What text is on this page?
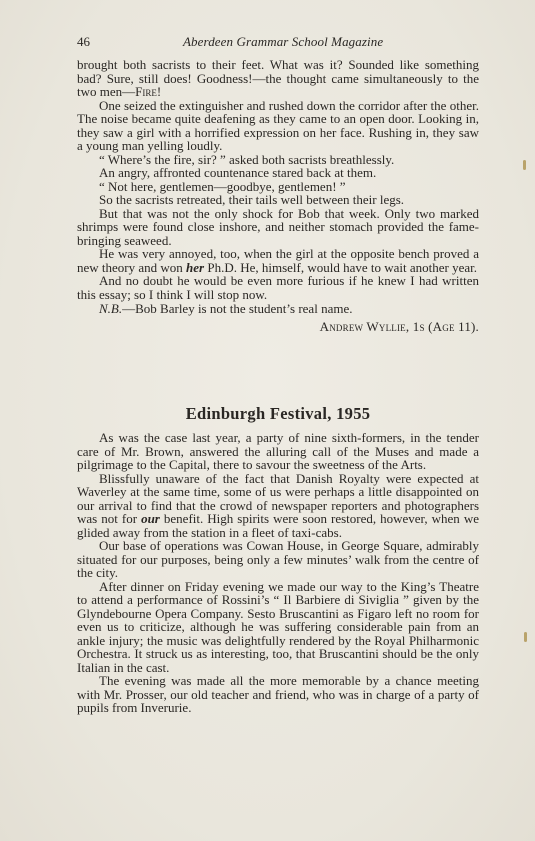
46	Aberdeen Grammar School Magazine

brought both sacrists to their feet. What was it? Sounded like something bad? Sure, still does! Goodness!—the thought came simultaneously to the two men—Fire!

One seized the extinguisher and rushed down the corridor after the other. The noise became quite deafening as they came to an open door. Looking in, they saw a girl with a horrified expression on her face. Rushing in, they saw a young man yelling loudly.

“ Where’s the fire, sir? ” asked both sacrists breathlessly.

An angry, affronted countenance stared back at them.

“ Not here, gentlemen—goodbye, gentlemen! ”

So the sacrists retreated, their tails well between their legs.

But that was not the only shock for Bob that week. Only two marked shrimps were found close inshore, and neither stomach provided the fame-bringing seaweed.

He was very annoyed, too, when the girl at the opposite bench proved a new theory and won her Ph.D. He, himself, would have to wait another year.

And no doubt he would be even more furious if he knew I had written this essay; so I think I will stop now.

N.B.—Bob Barley is not the student’s real name.

Andrew Wyllie, 1s (Age 11).

Edinburgh Festival, 1955

As was the case last year, a party of nine sixth-formers, in the tender care of Mr. Brown, answered the alluring call of the Muses and made a pilgrimage to the Capital, there to savour the sweetness of the Arts.

Blissfully unaware of the fact that Danish Royalty were expected at Waverley at the same time, some of us were perhaps a little disappointed on our arrival to find that the crowd of newspaper reporters and photographers was not for our benefit. High spirits were soon restored, however, when we glided away from the station in a fleet of taxi-cabs.

Our base of operations was Cowan House, in George Square, admirably situated for our purposes, being only a few minutes’ walk from the centre of the city.

After dinner on Friday evening we made our way to the King’s Theatre to attend a performance of Rossini’s “ Il Barbiere di Siviglia ” given by the Glyndebourne Opera Company. Sesto Bruscantini as Figaro left no room for even us to criticize, although he was suffering considerable pain from an ankle injury; the music was delightfully rendered by the Royal Philharmonic Orchestra. It struck us as interesting, too, that Bruscantini should be the only Italian in the cast.

The evening was made all the more memorable by a chance meeting with Mr. Prosser, our old teacher and friend, who was in charge of a party of pupils from Inverurie.
